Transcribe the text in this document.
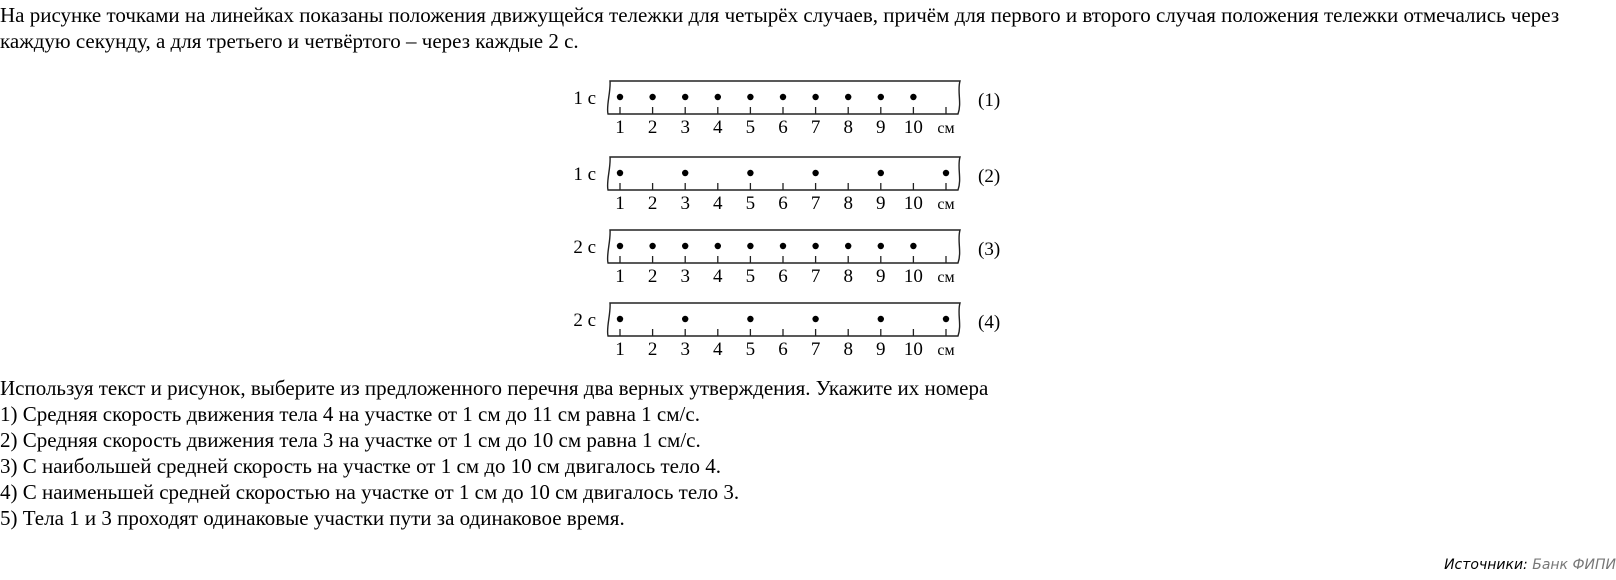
На рисунке точками на линейках показаны положения движущейся тележки для четырёх случаев, причём для первого и второго случая положения тележки отмечались через каждую секунду, а для третьего и четвёртого – через каждые 2 с.

1 2 3 4 5 6 7 8 9 10 см
1 с	(1)
1 2 3 4 5 6 7 8 9 10 см
1 с	(2)
1 2 3 4 5 6 7 8 9 10 см
2 с	(3)
1 2 3 4 5 6 7 8 9 10 см
2 с	(4)

Используя текст и рисунок, выберите из предложенного перечня два верных утверждения. Укажите их номера

1) Средняя скорость движения тела 4 на участке от 1 см до 11 см равна 1 см/с.
2) Средняя скорость движения тела 3 на участке от 1 см до 10 см равна 1 см/с.
3) С наибольшей средней скорость на участке от 1 см до 10 см двигалось тело 4.
4) С наименьшей средней скоростью на участке от 1 см до 10 см двигалось тело 3.
5) Тела 1 и 3 проходят одинаковые участки пути за одинаковое время.
Источники: Банк ФИПИ
